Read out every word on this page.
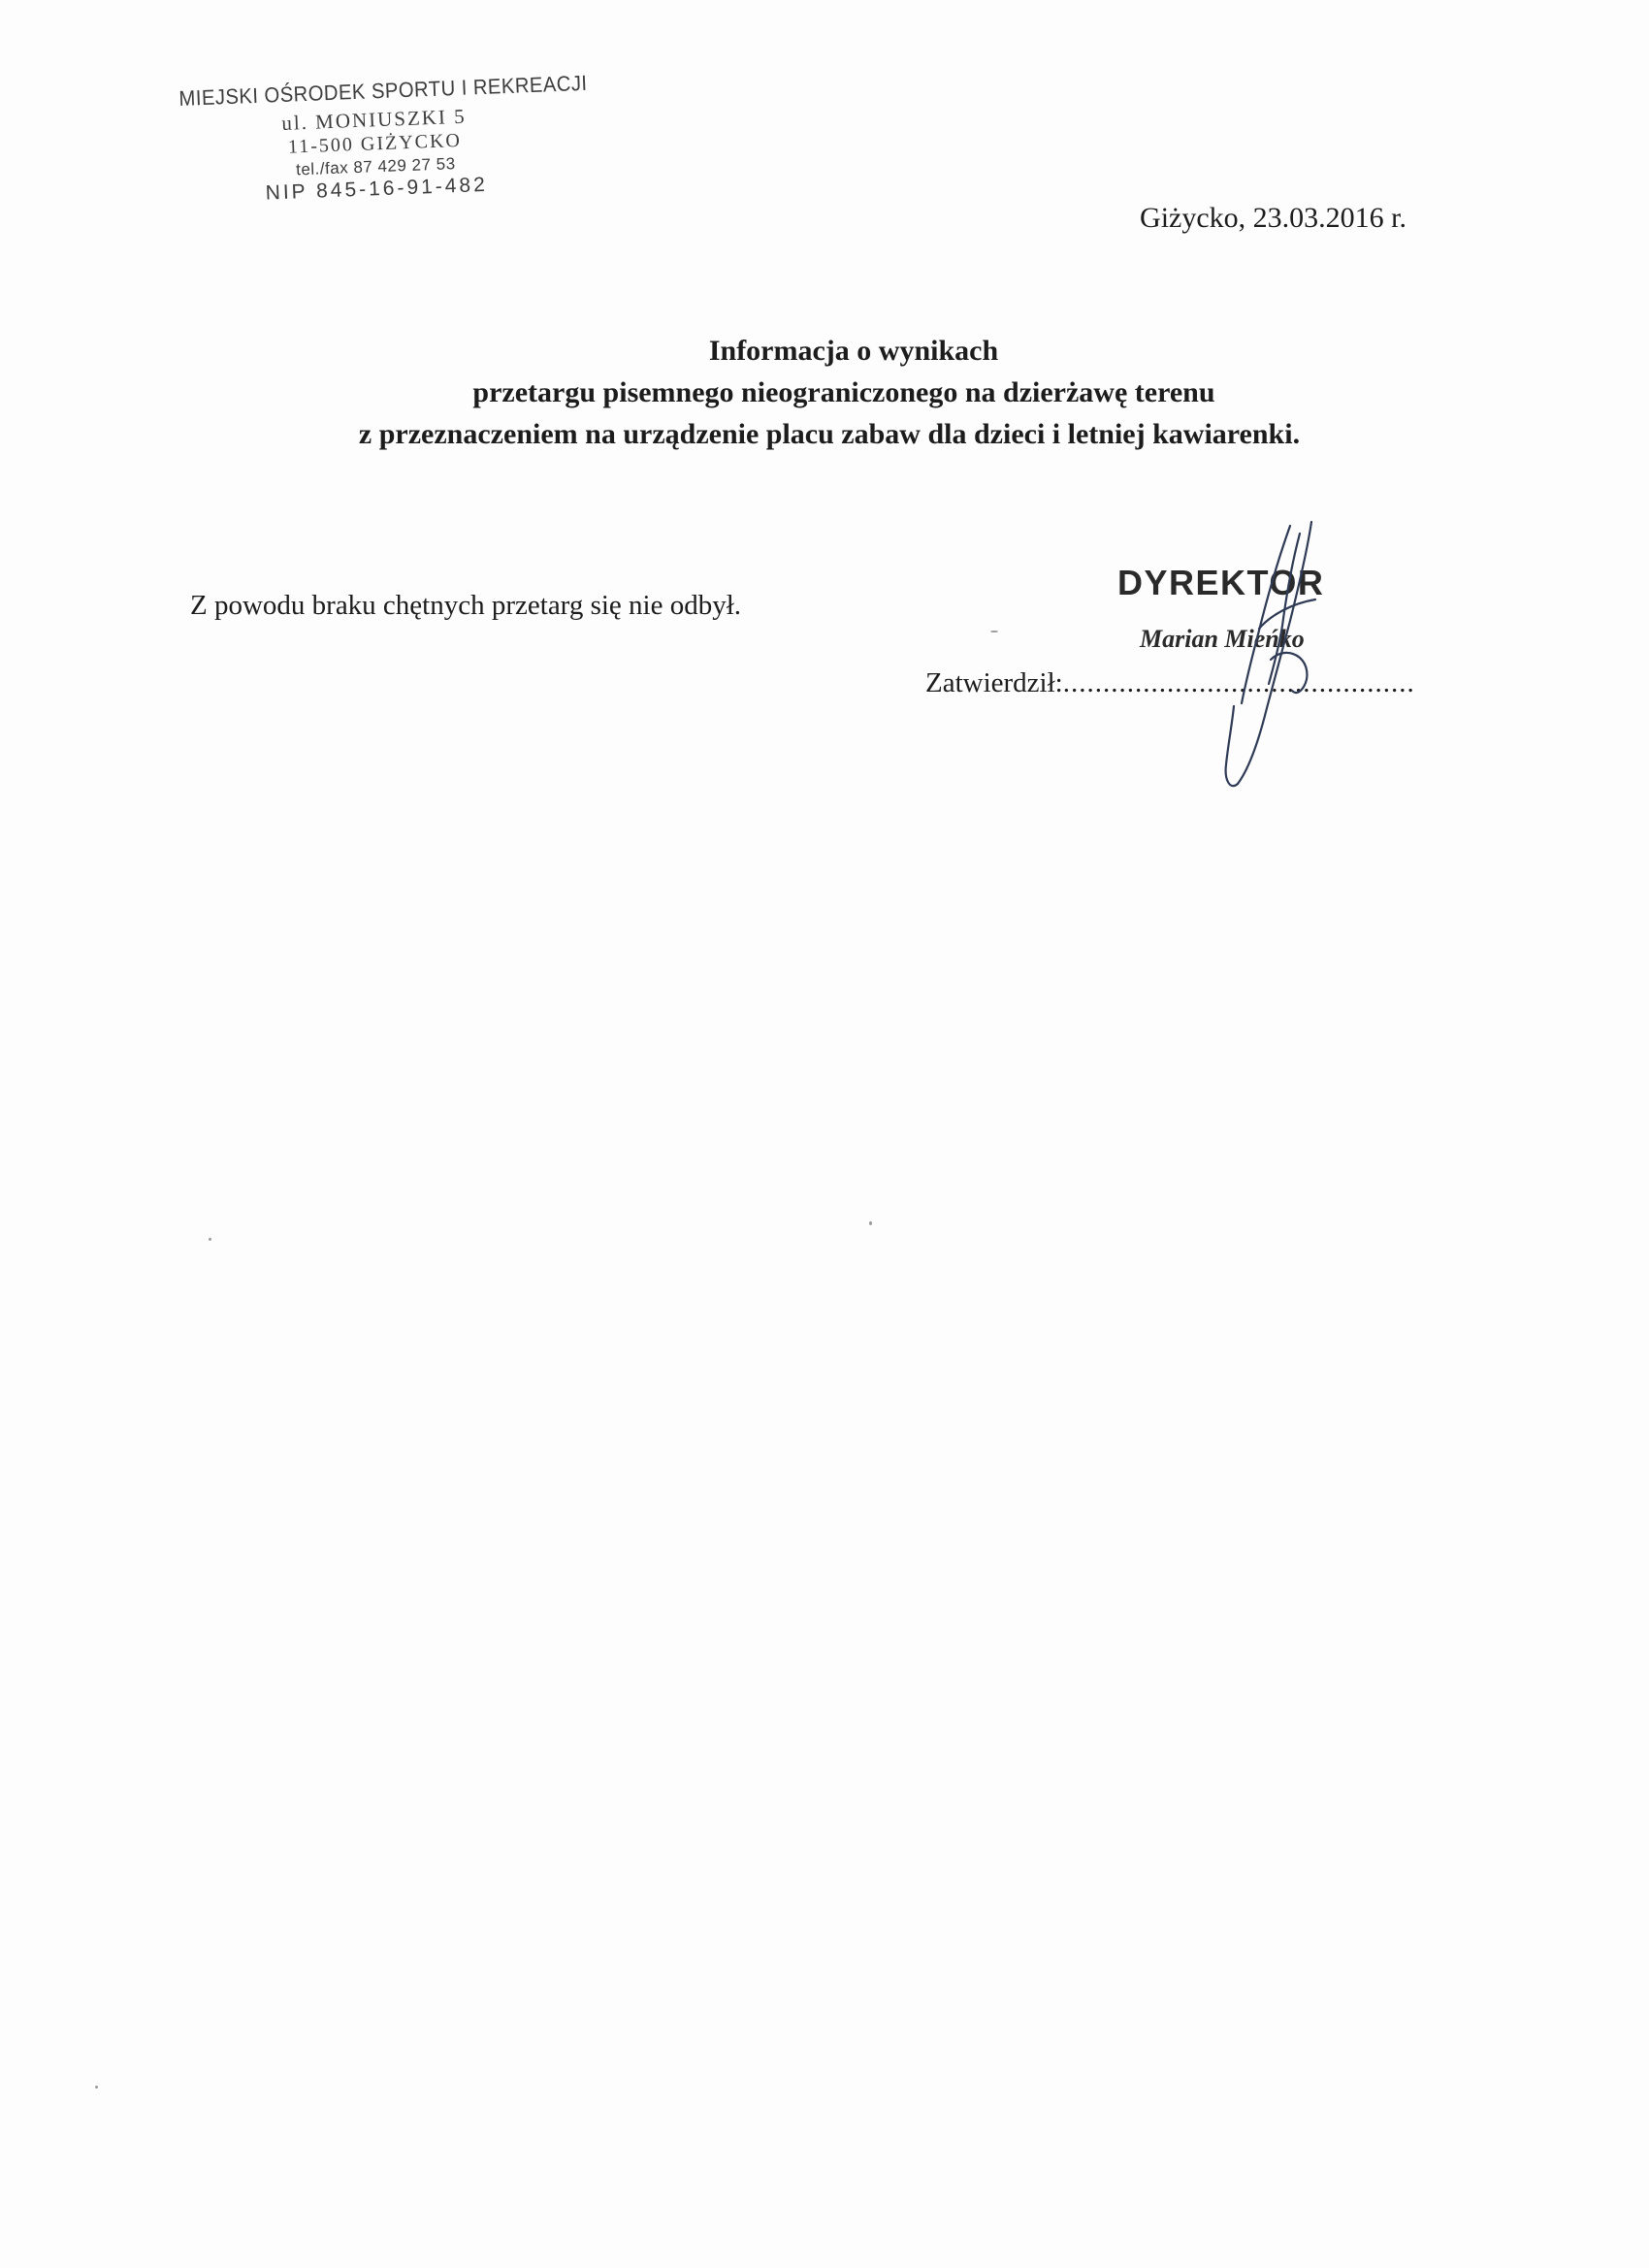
MIEJSKI OŚRODEK SPORTU I REKREACJI
ul. MONIUSZKI 5
11-500 GIŻYCKO
tel./fax 87 429 27 53
NIP 845-16-91-482
Giżycko, 23.03.2016 r.
Informacja o wynikach
przetargu pisemnego nieograniczonego na dzierżawę terenu
z przeznaczeniem na urządzenie placu zabaw dla dzieci i letniej kawiarenki.
Z powodu braku chętnych przetarg się nie odbył.
DYREKTOR
Marian Mieńko
Zatwierdził:............................................
